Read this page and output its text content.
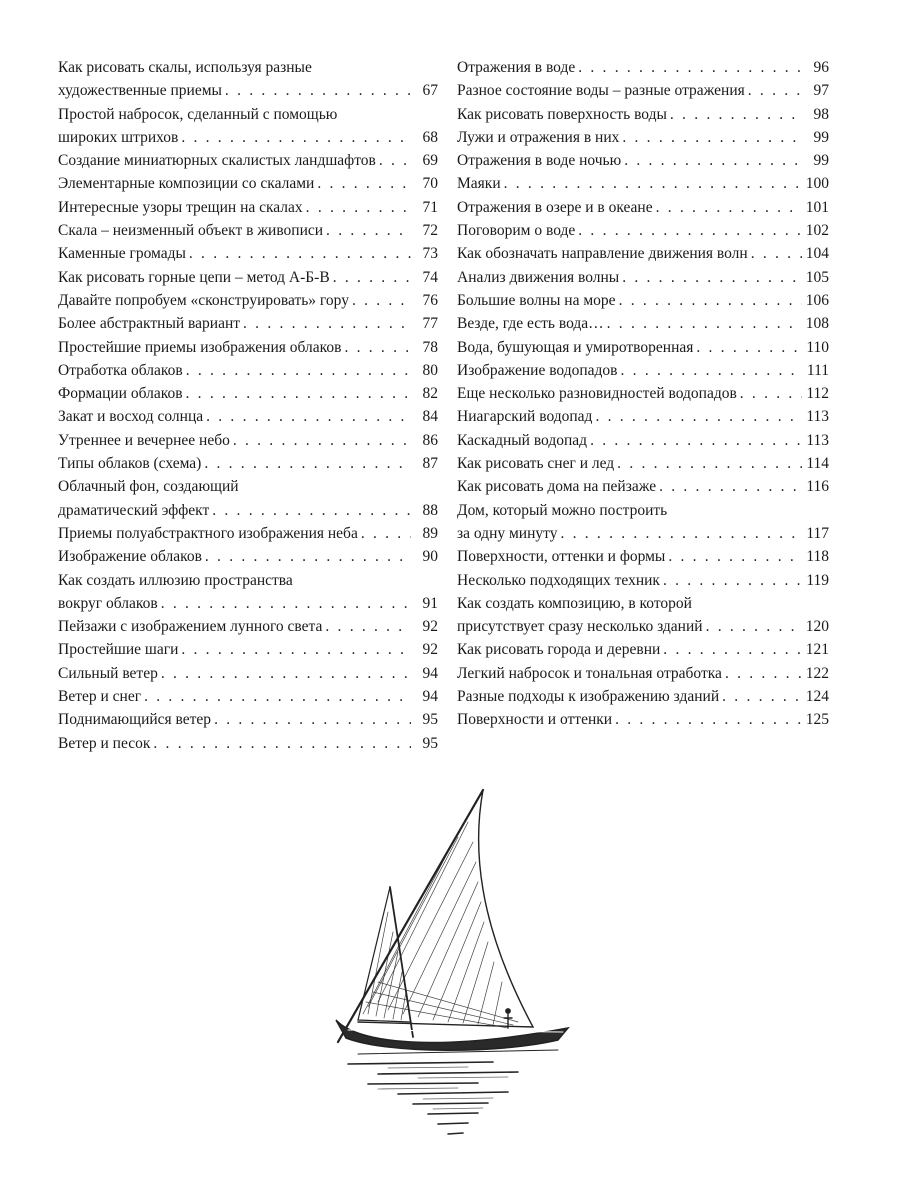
Как рисовать скалы, используя разные
художественные приемы . . .	67
Простой набросок, сделанный с помощью
широких штрихов . . .	68
Создание миниатюрных скалистых ландшафтов . . .	69
Элементарные композиции со скалами . . .	70
Интересные узоры трещин на скалах . . .	71
Скала – неизменный объект в живописи . . .	72
Каменные громады . . .	73
Как рисовать горные цепи – метод А-Б-В . . .	74
Давайте попробуем «сконструировать» гору . . .	76
Более абстрактный вариант . . .	77
Простейшие приемы изображения облаков . . .	78
Отработка облаков . . .	80
Формации облаков . . .	82
Закат и восход солнца . . .	84
Утреннее и вечернее небо . . .	86
Типы облаков (схема) . . .	87
Облачный фон, создающий
драматический эффект . . .	88
Приемы полуабстрактного изображения неба . . .	89
Изображение облаков . . .	90
Как создать иллюзию пространства
вокруг облаков . . .	91
Пейзажи с изображением лунного света . . .	92
Простейшие шаги . . .	92
Сильный ветер . . .	94
Ветер и снег . . .	94
Поднимающийся ветер . . .	95
Ветер и песок . . .	95
Отражения в воде . . .	96
Разное состояние воды – разные отражения . . .	97
Как рисовать поверхность воды . . .	98
Лужи и отражения в них . . .	99
Отражения в воде ночью . . .	99
Маяки . . .	100
Отражения в озере и в океане . . .	101
Поговорим о воде . . .	102
Как обозначать направление движения волн . . .	104
Анализ движения волны . . .	105
Большие волны на море . . .	106
Везде, где есть вода… . . .	108
Вода, бушующая и умиротворенная . . .	110
Изображение водопадов . . .	111
Еще несколько разновидностей водопадов . . .	112
Ниагарский водопад . . .	113
Каскадный водопад . . .	113
Как рисовать снег и лед . . .	114
Как рисовать дома на пейзаже . . .	116
Дом, который можно построить
за одну минуту . . .	117
Поверхности, оттенки и формы . . .	118
Несколько подходящих техник . . .	119
Как создать композицию, в которой
присутствует сразу несколько зданий . . .	120
Как рисовать города и деревни . . .	121
Легкий набросок и тональная отработка . . .	122
Разные подходы к изображению зданий . . .	124
Поверхности и оттенки . . .	125
